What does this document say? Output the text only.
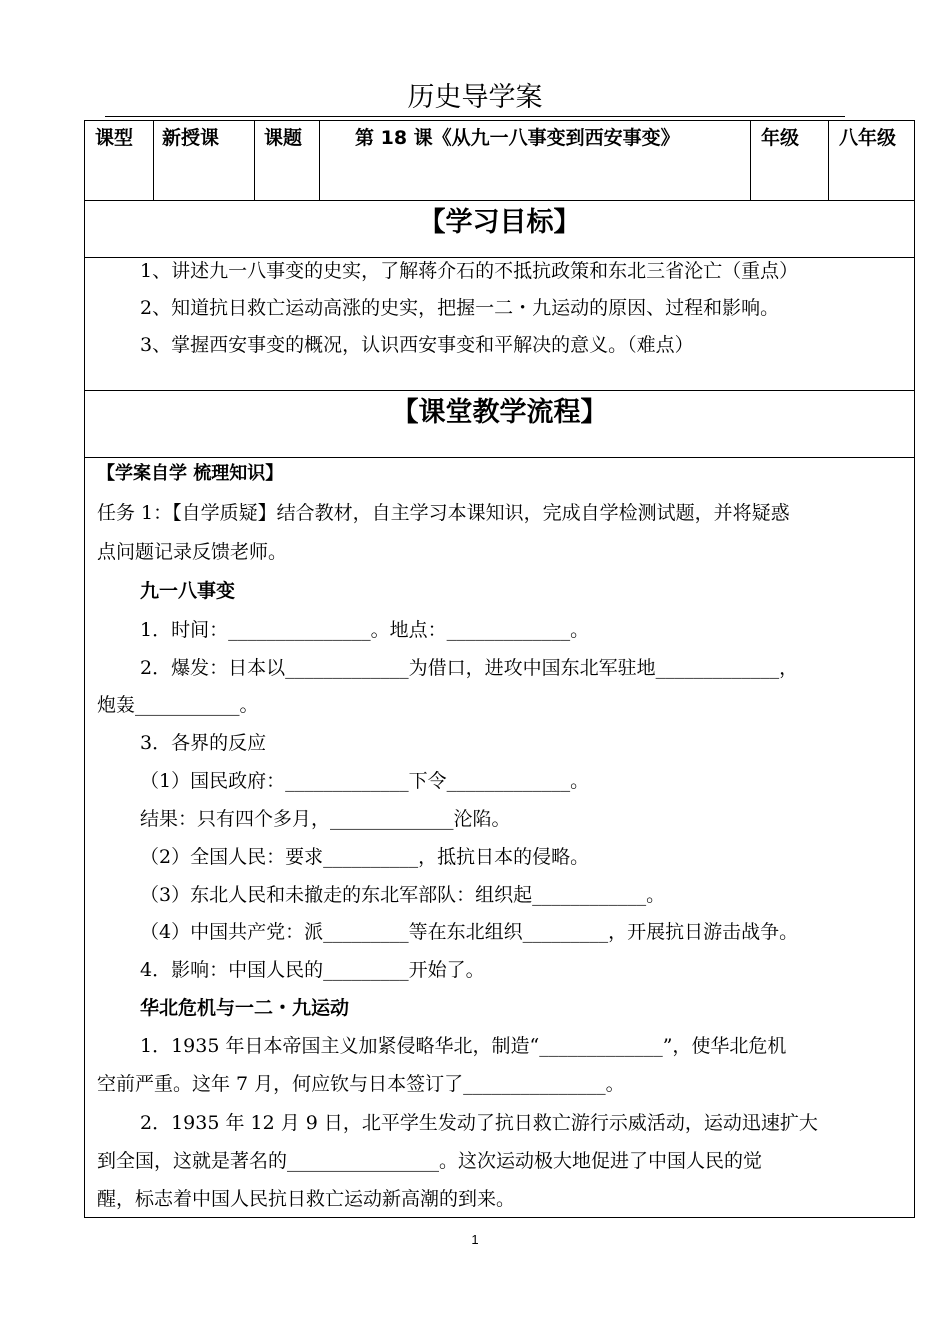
历史导学案
课型	新授课	课题	第 18 课《从九一八事变到西安事变》	年级	八年级
【学习目标】
1、讲述九一八事变的史实，了解蒋介石的不抵抗政策和东北三省沦亡（重点）
2、知道抗日救亡运动高涨的史实，把握一二・九运动的原因、过程和影响。
3、掌握西安事变的概况，认识西安事变和平解决的意义。（难点）
【课堂教学流程】
【学案自学 梳理知识】
任务 1：【自学质疑】结合教材，自主学习本课知识，完成自学检测试题，并将疑惑
点问题记录反馈老师。
九一八事变
1．时间：_______________。地点：_____________。
2．爆发：日本以_____________为借口，进攻中国东北军驻地_____________，
炮轰___________。
3．各界的反应
（1）国民政府：_____________下令_____________。
结果：只有四个多月，_____________沦陷。
（2）全国人民：要求__________，抵抗日本的侵略。
（3）东北人民和未撤走的东北军部队：组织起____________。
（4）中国共产党：派_________等在东北组织_________，开展抗日游击战争。
4．影响：中国人民的_________开始了。
华北危机与一二・九运动
1．1935 年日本帝国主义加紧侵略华北，制造“_____________”，使华北危机
空前严重。这年 7 月，何应钦与日本签订了_______________。
2．1935 年 12 月 9 日，北平学生发动了抗日救亡游行示威活动，运动迅速扩大
到全国，这就是著名的________________。这次运动极大地促进了中国人民的觉
醒，标志着中国人民抗日救亡运动新高潮的到来。
1
